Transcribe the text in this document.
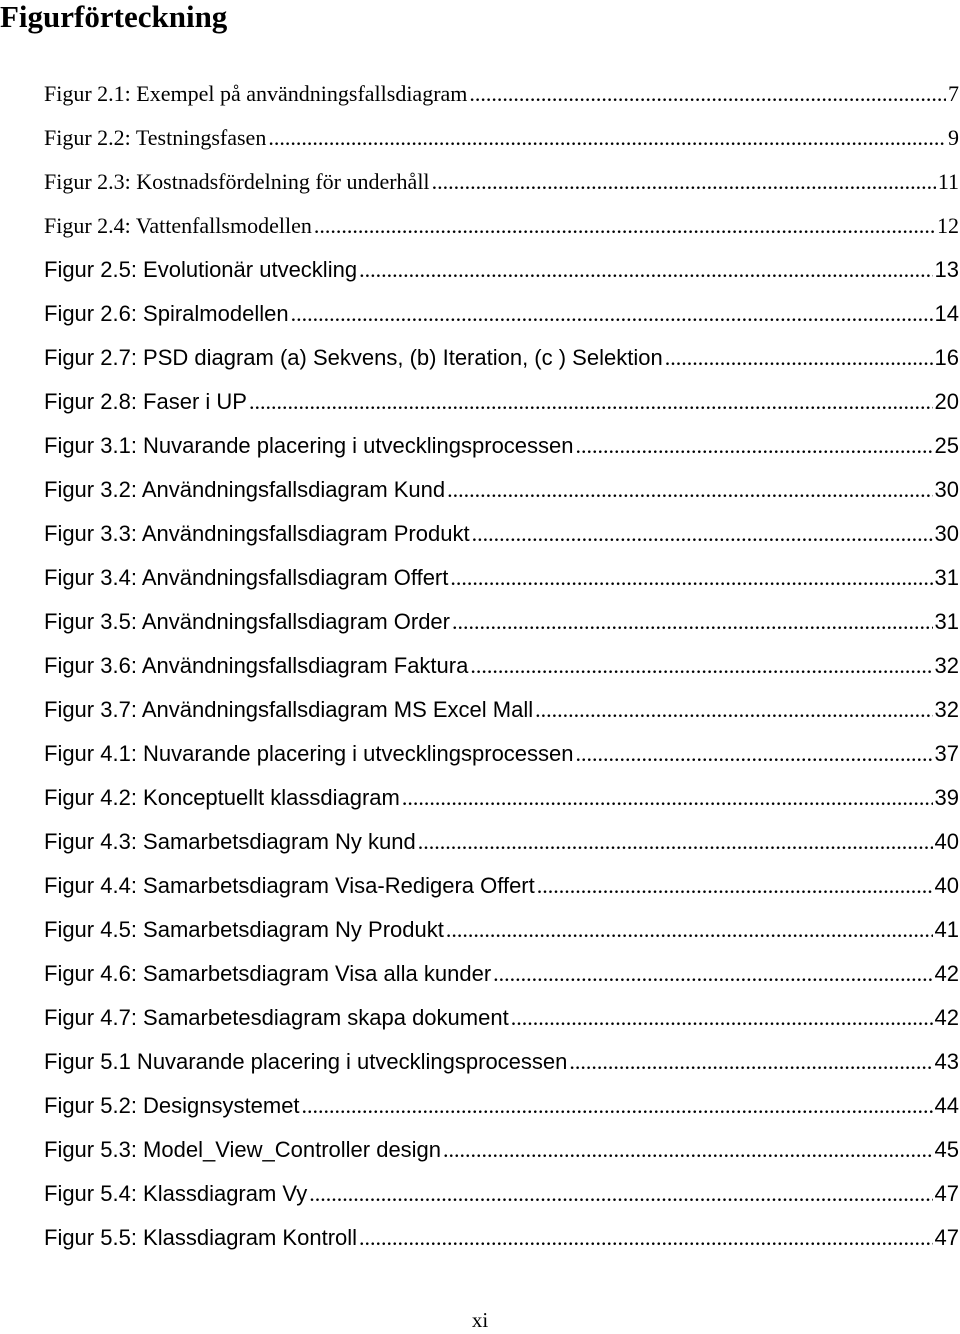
Figurförteckning
Figur 2.1: Exempel på användningsfallsdiagram .....	7
Figur 2.2: Testningsfasen .....	9
Figur 2.3: Kostnadsfördelning för underhåll .....	11
Figur 2.4: Vattenfallsmodellen .....	12
Figur 2.5: Evolutionär utveckling .....	13
Figur 2.6: Spiralmodellen .....	14
Figur 2.7: PSD diagram (a) Sekvens, (b) Iteration, (c ) Selektion .....	16
Figur 2.8: Faser i UP .....	20
Figur 3.1: Nuvarande placering i utvecklingsprocessen .....	25
Figur 3.2: Användningsfallsdiagram Kund .....	30
Figur 3.3: Användningsfallsdiagram Produkt .....	30
Figur 3.4: Användningsfallsdiagram Offert .....	31
Figur 3.5: Användningsfallsdiagram Order .....	31
Figur 3.6: Användningsfallsdiagram Faktura .....	32
Figur 3.7: Användningsfallsdiagram MS Excel Mall .....	32
Figur 4.1: Nuvarande placering i utvecklingsprocessen .....	37
Figur 4.2: Konceptuellt klassdiagram .....	39
Figur 4.3: Samarbetsdiagram Ny kund .....	40
Figur 4.4: Samarbetsdiagram Visa-Redigera Offert .....	40
Figur 4.5: Samarbetsdiagram Ny Produkt .....	41
Figur 4.6: Samarbetsdiagram Visa alla kunder .....	42
Figur 4.7: Samarbetesdiagram skapa dokument .....	42
Figur 5.1 Nuvarande placering i utvecklingsprocessen .....	43
Figur 5.2: Designsystemet .....	44
Figur 5.3: Model_View_Controller design .....	45
Figur 5.4: Klassdiagram Vy .....	47
Figur 5.5: Klassdiagram Kontroll .....	47
xi
